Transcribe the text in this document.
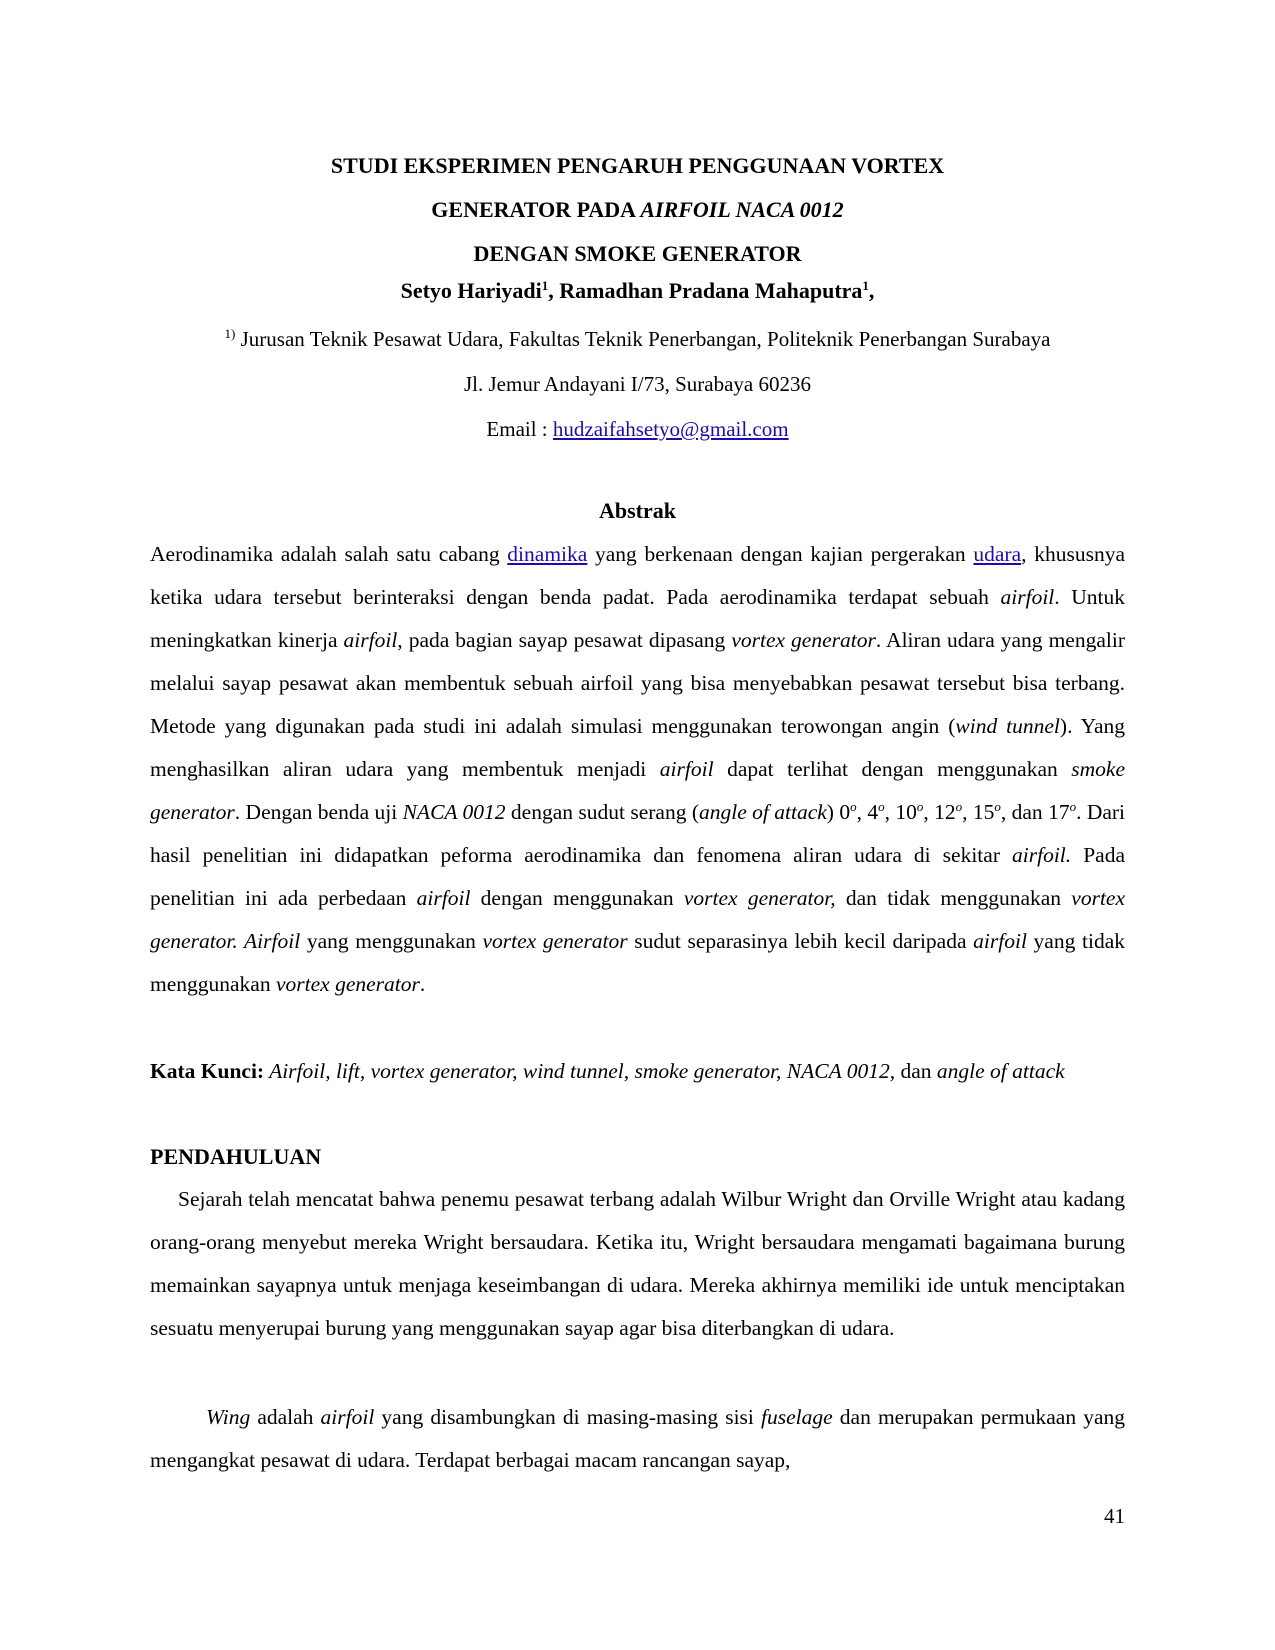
STUDI EKSPERIMEN PENGARUH PENGGUNAAN VORTEX
GENERATOR PADA AIRFOIL NACA 0012
DENGAN SMOKE GENERATOR
Setyo Hariyadi$^1$, Ramadhan Pradana Mahaputra$^1$,
$^{1)}$ Jurusan Teknik Pesawat Udara, Fakultas Teknik Penerbangan, Politeknik Penerbangan Surabaya
Jl. Jemur Andayani I/73, Surabaya 60236
Email : hudzaifahsetyo@gmail.com
Abstrak

Aerodinamika adalah salah satu cabang dinamika yang berkenaan dengan kajian pergerakan udara, khususnya ketika udara tersebut berinteraksi dengan benda padat. Pada aerodinamika terdapat sebuah airfoil. Untuk meningkatkan kinerja airfoil, pada bagian sayap pesawat dipasang vortex generator. Aliran udara yang mengalir melalui sayap pesawat akan membentuk sebuah airfoil yang bisa menyebabkan pesawat tersebut bisa terbang. Metode yang digunakan pada studi ini adalah simulasi menggunakan terowongan angin (wind tunnel). Yang menghasilkan aliran udara yang membentuk menjadi airfoil dapat terlihat dengan menggunakan smoke generator. Dengan benda uji NACA 0012 dengan sudut serang (angle of attack) 0$^o$, 4$^o$, 10$^o$, 12$^o$, 15$^o$, dan 17$^o$. Dari hasil penelitian ini didapatkan peforma aerodinamika dan fenomena aliran udara di sekitar airfoil. Pada penelitian ini ada perbedaan airfoil dengan menggunakan vortex generator, dan tidak menggunakan vortex generator. Airfoil yang menggunakan vortex generator sudut separasinya lebih kecil daripada airfoil yang tidak menggunakan vortex generator.

Kata Kunci: Airfoil, lift, vortex generator, wind tunnel, smoke generator, NACA 0012, dan angle of attack

PENDAHULUAN

Sejarah telah mencatat bahwa penemu pesawat terbang adalah Wilbur Wright dan Orville Wright atau kadang orang-orang menyebut mereka Wright bersaudara. Ketika itu, Wright bersaudara mengamati bagaimana burung memainkan sayapnya untuk menjaga keseimbangan di udara. Mereka akhirnya memiliki ide untuk menciptakan sesuatu menyerupai burung yang menggunakan sayap agar bisa diterbangkan di udara.

Wing adalah airfoil yang disambungkan di masing-masing sisi fuselage dan merupakan permukaan yang mengangkat pesawat di udara. Terdapat berbagai macam rancangan sayap,

41
